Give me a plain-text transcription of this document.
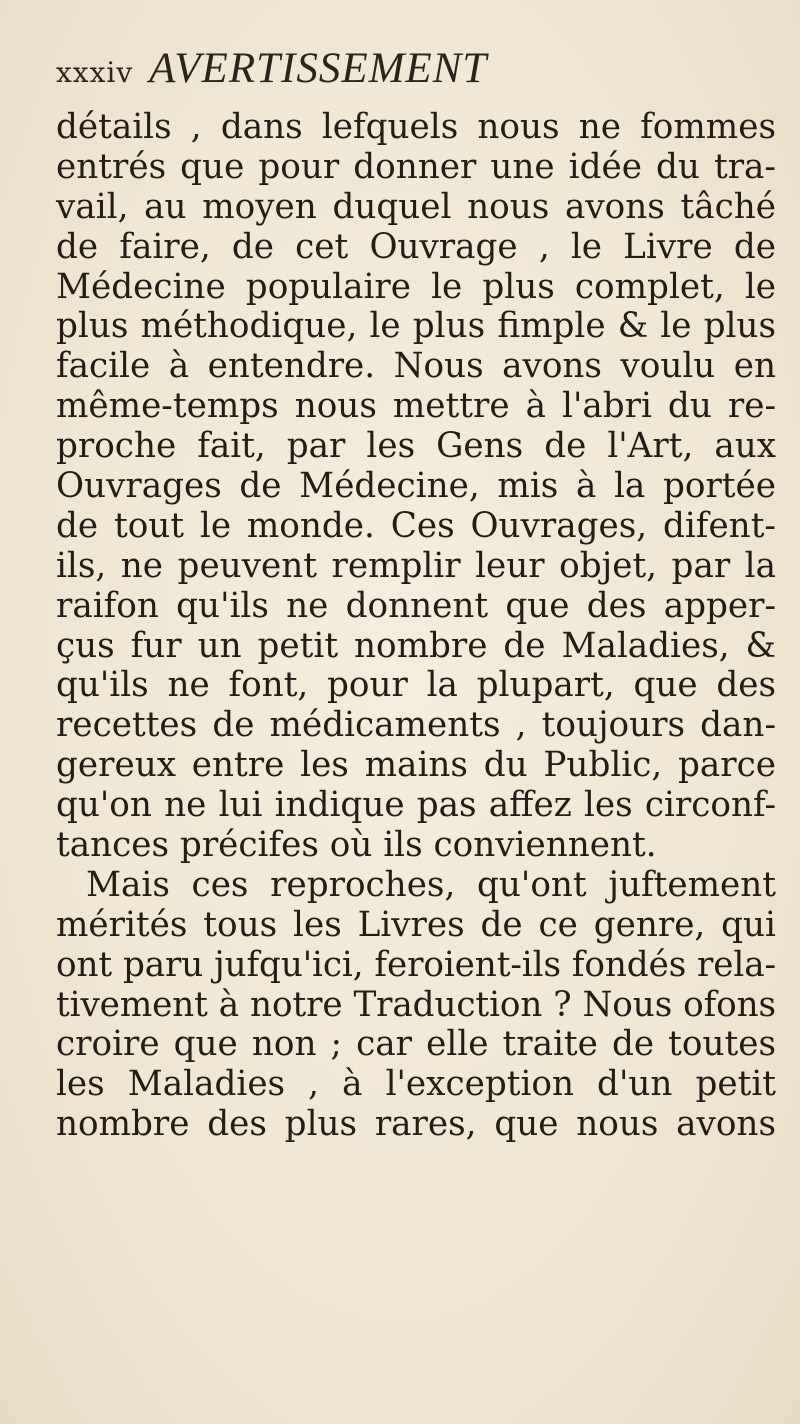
xxxiv AVERTISSEMENT
détails , dans lefquels nous ne fommes
entrés que pour donner une idée du tra-
vail, au moyen duquel nous avons tâché
de faire, de cet Ouvrage , le Livre de
Médecine populaire le plus complet, le
plus méthodique, le plus fimple & le plus
facile à entendre. Nous avons voulu en
même-temps nous mettre à l'abri du re-
proche fait, par les Gens de l'Art, aux
Ouvrages de Médecine, mis à la portée
de tout le monde. Ces Ouvrages, difent-
ils, ne peuvent remplir leur objet, par la
raifon qu'ils ne donnent que des apper-
çus fur un petit nombre de Maladies, &
qu'ils ne font, pour la plupart, que des
recettes de médicaments , toujours dan-
gereux entre les mains du Public, parce
qu'on ne lui indique pas affez les circonf-
tances précifes où ils conviennent.
Mais ces reproches, qu'ont juftement
mérités tous les Livres de ce genre, qui
ont paru jufqu'ici, feroient-ils fondés rela-
tivement à notre Traduction ? Nous ofons
croire que non ; car elle traite de toutes
les Maladies , à l'exception d'un petit
nombre des plus rares, que nous avons
